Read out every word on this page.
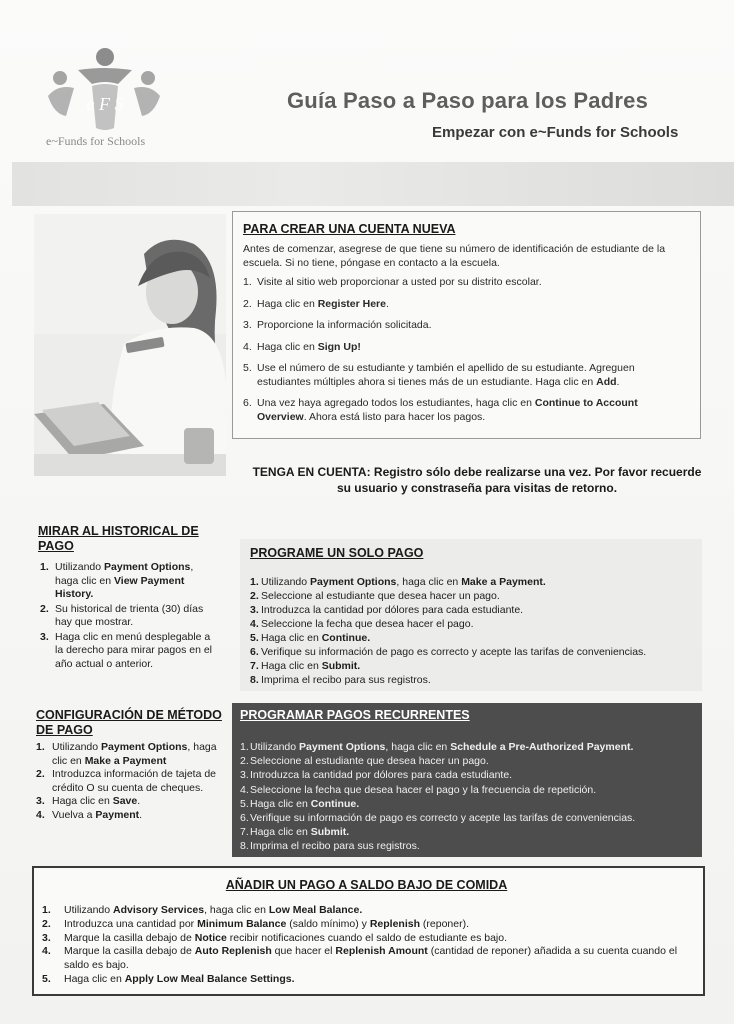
e F S
e~Funds for Schools
Guía Paso a Paso para los Padres
Empezar con e~Funds for Schools
PARA CREAR UNA CUENTA NUEVA
Antes de comenzar, asegrese de que tiene su número de identificación de estudiante de la escuela. Si no tiene, póngase en contacto a la escuela.
1. Visite al sitio web proporcionar a usted por su distrito escolar.
2. Haga clic en Register Here.
3. Proporcione la información solicitada.
4. Haga clic en Sign Up!
5. Use el número de su estudiante y también el apellido de su estudiante. Agreguen estudiantes múltiples ahora si tienes más de un estudiante. Haga clic en Add.
6. Una vez haya agregado todos los estudiantes, haga clic en Continue to Account Overview. Ahora está listo para hacer los pagos.
TENGA EN CUENTA: Registro sólo debe realizarse una vez. Por favor recuerde su usuario y constraseña para visitas de retorno.
MIRAR AL HISTORICAL DE PAGO
1. Utilizando Payment Options, haga clic en View Payment History.
2. Su historical de trienta (30) días hay que mostrar.
3. Haga clic en menú desplegable a la derecho para mirar pagos en el año actual o anterior.
PROGRAME UN SOLO PAGO
1. Utilizando Payment Options, haga clic en Make a Payment.
2. Seleccione al estudiante que desea hacer un pago.
3. Introduzca la cantidad por dólores para cada estudiante.
4. Seleccione la fecha que desea hacer el pago.
5. Haga clic en Continue.
6. Verifique su información de pago es correcto y acepte las tarifas de conveniencias.
7. Haga clic en Submit.
8. Imprima el recibo para sus registros.
CONFIGURACIÓN DE MÉTODO DE PAGO
1. Utilizando Payment Options, haga clic en Make a Payment
2. Introduzca información de tajeta de crédito O su cuenta de cheques.
3. Haga clic en Save.
4. Vuelva a Payment.
PROGRAMAR PAGOS RECURRENTES
1. Utilizando Payment Options, haga clic en Schedule a Pre-Authorized Payment.
2. Seleccione al estudiante que desea hacer un pago.
3. Introduzca la cantidad por dólores para cada estudiante.
4. Seleccione la fecha que desea hacer el pago y la frecuencia de repetición.
5. Haga clic en Continue.
6. Verifique su información de pago es correcto y acepte las tarifas de conveniencias.
7. Haga clic en Submit.
8. Imprima el recibo para sus registros.
AÑADIR UN PAGO A SALDO BAJO DE COMIDA
1. Utilizando Advisory Services, haga clic en Low Meal Balance.
2. Introduzca una cantidad por Minimum Balance (saldo mínimo) y Replenish (reponer).
3. Marque la casilla debajo de Notice recibir notificaciones cuando el saldo de estudiante es bajo.
4. Marque la casilla debajo de Auto Replenish que hacer el Replenish Amount (cantidad de reponer) añadida a su cuenta cuando el saldo es bajo.
5. Haga clic en Apply Low Meal Balance Settings.
